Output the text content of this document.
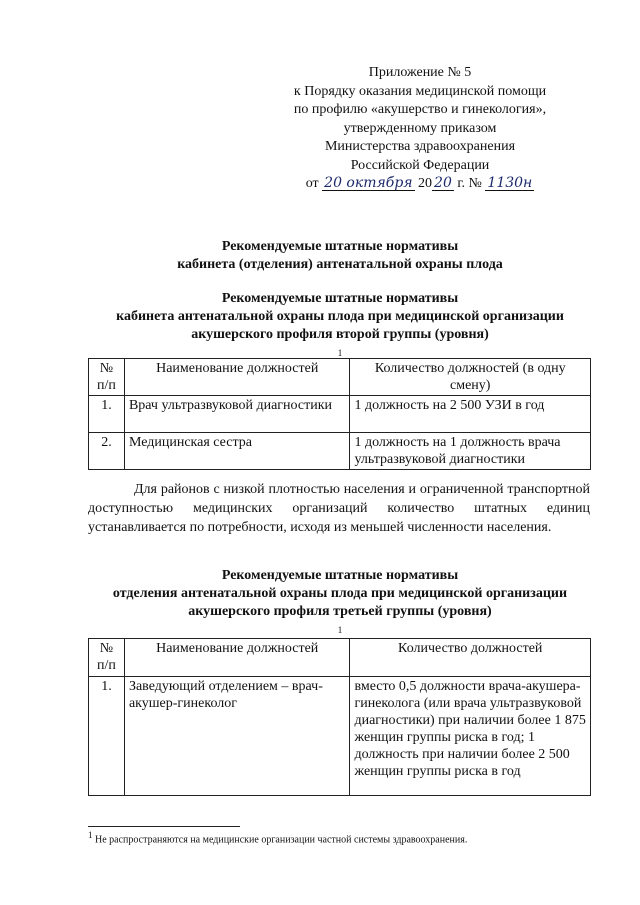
Приложение № 5
к Порядку оказания медицинской помощи
по профилю «акушерство и гинекология»,
утвержденному приказом
Министерства здравоохранения
Российской Федерации
от 20 октября 20 20 г. № 1130н
Рекомендуемые штатные нормативы
кабинета (отделения) антенатальной охраны плода
Рекомендуемые штатные нормативы
кабинета антенатальной охраны плода при медицинской организации
акушерского профиля второй группы (уровня)
$^1$
№ п/п	Наименование должностей	Количество должностей (в одну смену)
1.	Врач ультразвуковой диагностики	1 должность на 2 500 УЗИ в год
2.	Медицинская сестра	1 должность на 1 должность врача ультразвуковой диагностики
Для районов с низкой плотностью населения и ограниченной транспортной доступностью медицинских организаций количество штатных единиц устанавливается по потребности, исходя из меньшей численности населения.
Рекомендуемые штатные нормативы
отделения антенатальной охраны плода при медицинской организации
акушерского профиля третьей группы (уровня)
$^1$
№ п/п	Наименование должностей	Количество должностей
1.	Заведующий отделением – врач-акушер-гинеколог	вместо 0,5 должности врача-акушера-гинеколога (или врача ультразвуковой диагностики) при наличии более 1 875 женщин группы риска в год; 1 должность при наличии более 2 500 женщин группы риска в год
$^1$ Не распространяются на медицинские организации частной системы здравоохранения.
